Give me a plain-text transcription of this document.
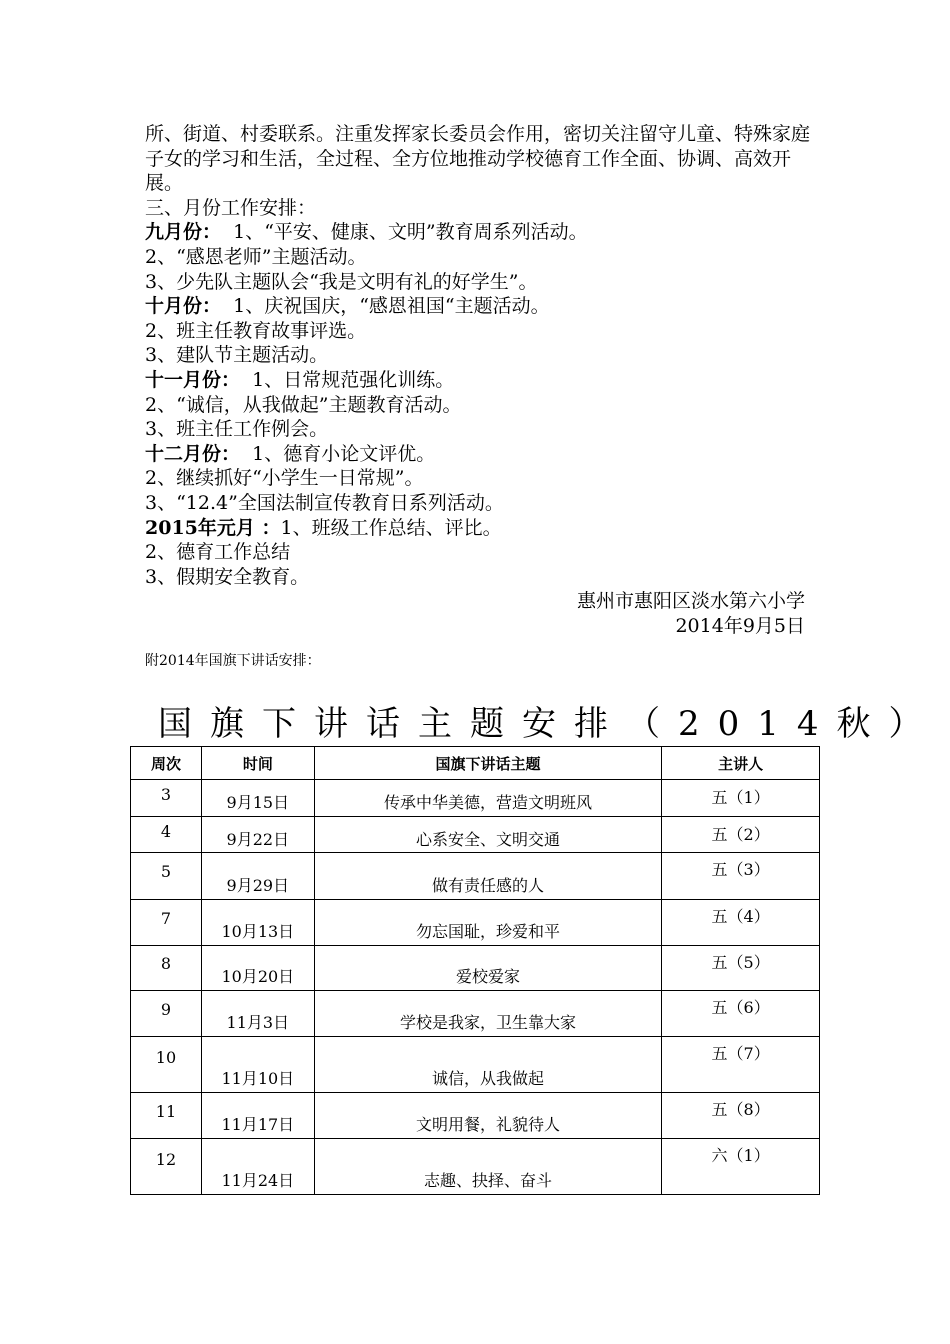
所、街道、村委联系。注重发挥家长委员会作用，密切关注留守儿童、特殊家庭子女的学习和生活，全过程、全方位地推动学校德育工作全面、协调、高效开展。

三、月份工作安排：

九月份： 1、“平安、健康、文明”教育周系列活动。

2、“感恩老师”主题活动。

3、少先队主题队会“我是文明有礼的好学生”。

十月份： 1、庆祝国庆，“感恩祖国“主题活动。

2、班主任教育故事评选。

3、建队节主题活动。

十一月份： 1、日常规范强化训练。

2、“诚信，从我做起”主题教育活动。

3、班主任工作例会。

十二月份： 1、德育小论文评优。

2、继续抓好“小学生一日常规”。

3、“12.4”全国法制宣传教育日系列活动。

2015年元月 ：1、班级工作总结、评比。

2、德育工作总结

3、假期安全教育。

惠州市惠阳区淡水第六小学

2014年9月5日

附2014年国旗下讲话安排：
国旗下讲话主题安排（2014秋）
周次	时间	国旗下讲话主题	主讲人

3	9月15日	传承中华美德，营造文明班风	五（1）

4	9月22日	心系安全、文明交通	五（2）

5	9月29日	做有责任感的人	五（3）

7	10月13日	勿忘国耻，珍爱和平	五（4）

8	10月20日	爱校爱家	五（5）

9	11月3日	学校是我家，卫生靠大家	五（6）

10	11月10日	诚信，从我做起	五（7）

11	11月17日	文明用餐，礼貌待人	五（8）

12	11月24日	志趣、抉择、奋斗	六（1）
